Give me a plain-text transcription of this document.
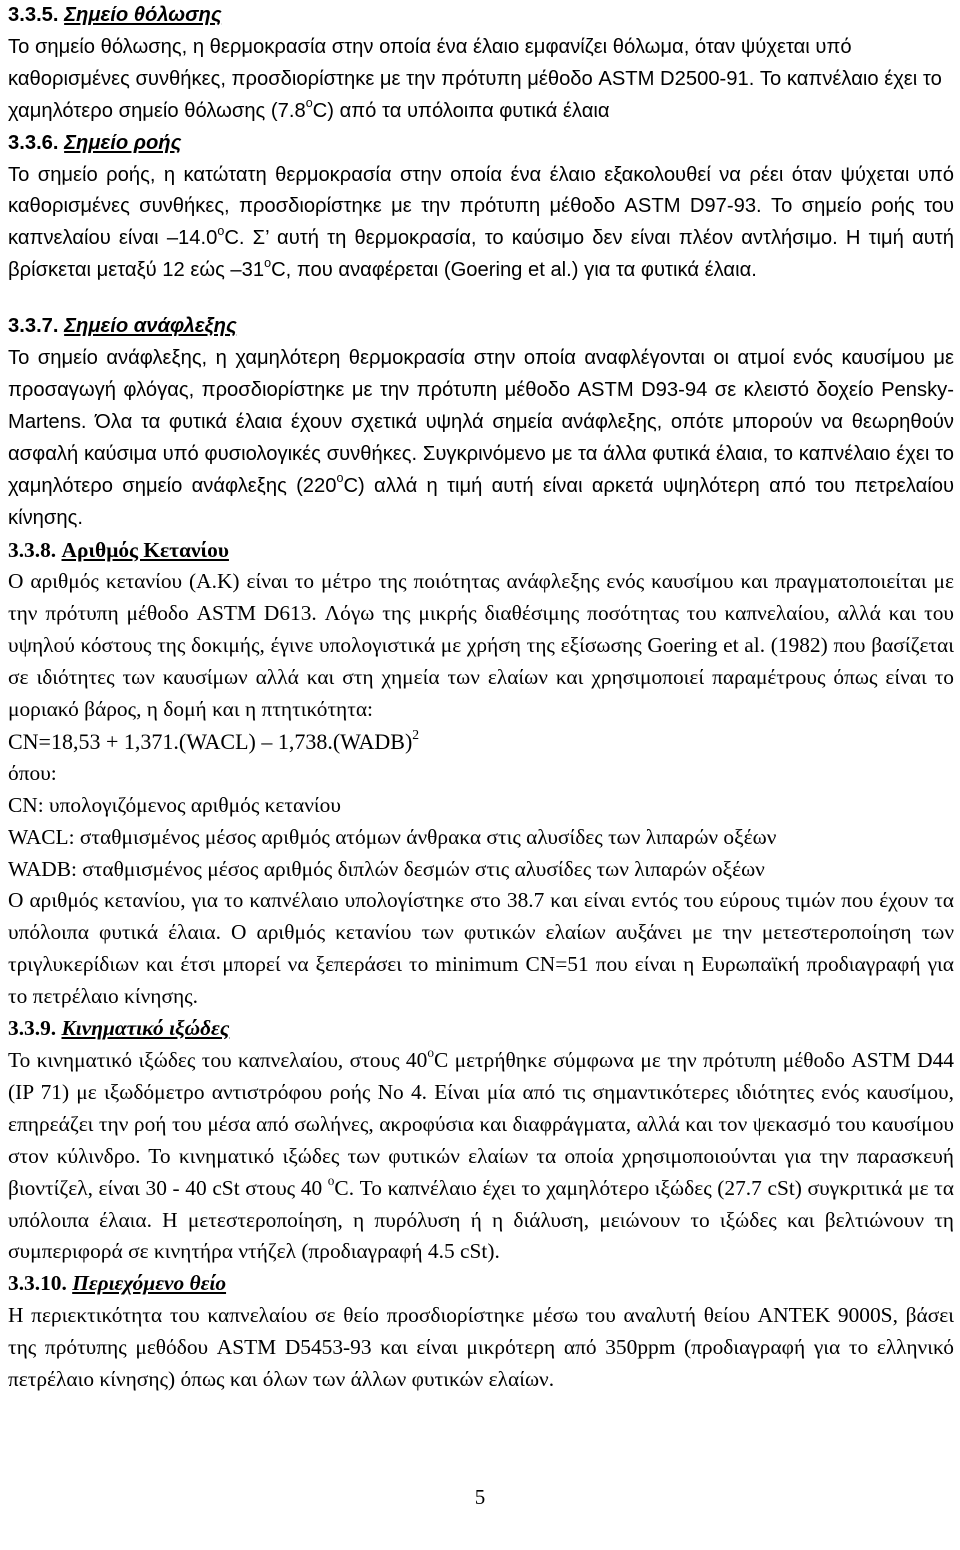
3.3.5. Σημείο θόλωσης

Το σημείο θόλωσης, η θερμοκρασία στην οποία ένα έλαιο εμφανίζει θόλωμα, όταν ψύχεται υπό καθορισμένες συνθήκες, προσδιορίστηκε με την πρότυπη μέθοδο ASTM D2500-91. Το καπνέλαιο έχει το χαμηλότερο σημείο θόλωσης $(7.8^oC)$ από τα υπόλοιπα φυτικά έλαια

3.3.6. Σημείο ροής

Το σημείο ροής, η κατώτατη θερμοκρασία στην οποία ένα έλαιο εξακολουθεί να ρέει όταν ψύχεται υπό καθορισμένες συνθήκες, προσδιορίστηκε με την πρότυπη μέθοδο ASTM D97-93. Το σημείο ροής του καπνελαίου είναι $-14.0^oC$. Σ’ αυτή τη θερμοκρασία, το καύσιμο δεν είναι πλέον αντλήσιμο. Η τιμή αυτή βρίσκεται μεταξύ 12 εώς $-31^oC$, που αναφέρεται (Goering et al.) για τα φυτικά έλαια.

3.3.7. Σημείο ανάφλεξης

Το σημείο ανάφλεξης, η χαμηλότερη θερμοκρασία στην οποία αναφλέγονται οι ατμοί ενός καυσίμου με προσαγωγή φλόγας, προσδιορίστηκε με την πρότυπη μέθοδο ASTM D93-94 σε κλειστό δοχείο Pensky-Martens. Όλα τα φυτικά έλαια έχουν σχετικά υψηλά σημεία ανάφλεξης, οπότε μπορούν να θεωρηθούν ασφαλή καύσιμα υπό φυσιολογικές συνθήκες. Συγκρινόμενο με τα άλλα φυτικά έλαια, το καπνέλαιο έχει το χαμηλότερο σημείο ανάφλεξης $(220^oC)$ αλλά η τιμή αυτή είναι αρκετά υψηλότερη από του πετρελαίου κίνησης.

3.3.8. Αριθμός Κετανίου

Ο αριθμός κετανίου (Α.Κ) είναι το μέτρο της ποιότητας ανάφλεξης ενός καυσίμου και πραγματοποιείται με την πρότυπη μέθοδο ASTM D613. Λόγω της μικρής διαθέσιμης ποσότητας του καπνελαίου, αλλά και του υψηλού κόστους της δοκιμής, έγινε υπολογιστικά με χρήση της εξίσωσης Goering et al. (1982) που βασίζεται σε ιδιότητες των καυσίμων αλλά και στη χημεία των ελαίων και χρησιμοποιεί παραμέτρους όπως είναι το μοριακό βάρος, η δομή και η πτητικότητα:

CN=18,53 + 1,371.(WACL) – 1,738.(WADB)$^2$

όπου:

CN: υπολογιζόμενος αριθμός κετανίου

WACL: σταθμισμένος μέσος αριθμός ατόμων άνθρακα στις αλυσίδες των λιπαρών οξέων

WADB: σταθμισμένος μέσος αριθμός διπλών δεσμών στις αλυσίδες των λιπαρών οξέων

Ο αριθμός κετανίου, για το καπνέλαιο υπολογίστηκε στο 38.7 και είναι εντός του εύρους τιμών που έχουν τα υπόλοιπα φυτικά έλαια. Ο αριθμός κετανίου των φυτικών ελαίων αυξάνει με την μετεστεροποίηση των τριγλυκερίδιων και έτσι μπορεί να ξεπεράσει το minimum CN=51 που είναι η Ευρωπαϊκή προδιαγραφή για το πετρέλαιο κίνησης.

3.3.9. Κινηματικό ιξώδες

Το κινηματικό ιξώδες του καπνελαίου, στους $40^oC$ μετρήθηκε σύμφωνα με την πρότυπη μέθοδο ASTM D44 (IP 71) με ιξωδόμετρο αντιστρόφου ροής No 4. Είναι μία από τις σημαντικότερες ιδιότητες ενός καυσίμου, επηρεάζει την ροή του μέσα από σωλήνες, ακροφύσια και διαφράγματα, αλλά και τον ψεκασμό του καυσίμου στον κύλινδρο. Το κινηματικό ιξώδες των φυτικών ελαίων τα οποία χρησιμοποιούνται για την παρασκευή βιοντίζελ, είναι 30 - 40 cSt στους 40 $^o$C. Το καπνέλαιο έχει το χαμηλότερο ιξώδες (27.7 cSt) συγκριτικά με τα υπόλοιπα έλαια. Η μετεστεροποίηση, η πυρόλυση ή η διάλυση, μειώνουν το ιξώδες και βελτιώνουν τη συμπεριφορά σε κινητήρα ντήζελ (προδιαγραφή 4.5 cSt).

3.3.10. Περιεχόμενο θείο

Η περιεκτικότητα του καπνελαίου σε θείο προσδιορίστηκε μέσω του αναλυτή θείου ANTEK 9000S, βάσει της πρότυπης μεθόδου ASTM D5453-93 και είναι μικρότερη από 350ppm (προδιαγραφή για το ελληνικό πετρέλαιο κίνησης) όπως και όλων των άλλων φυτικών ελαίων.

5
